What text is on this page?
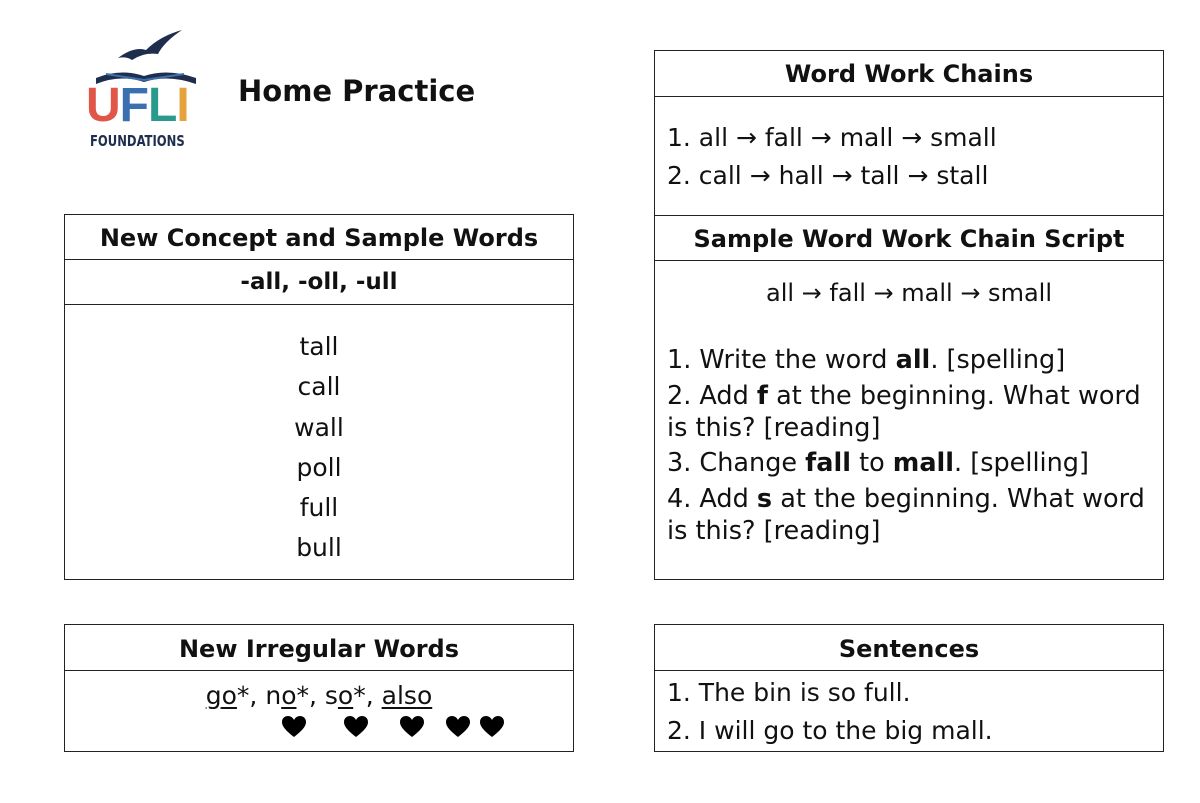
UFLI
FOUNDATIONS
Home Practice
New Concept and Sample Words
-all, -oll, -ull
tall
call
wall
poll
full
bull
Word Work Chains
1. all → fall → mall → small
2. call → hall → tall → stall
Sample Word Work Chain Script
all → fall → mall → small
1. Write the word all. [spelling]
2. Add f at the beginning. What word is this? [reading]
3. Change fall to mall. [spelling]
4. Add s at the beginning. What word is this? [reading]
New Irregular Words
go*, no*, so*, also
Sentences
1. The bin is so full.
2. I will go to the big mall.
